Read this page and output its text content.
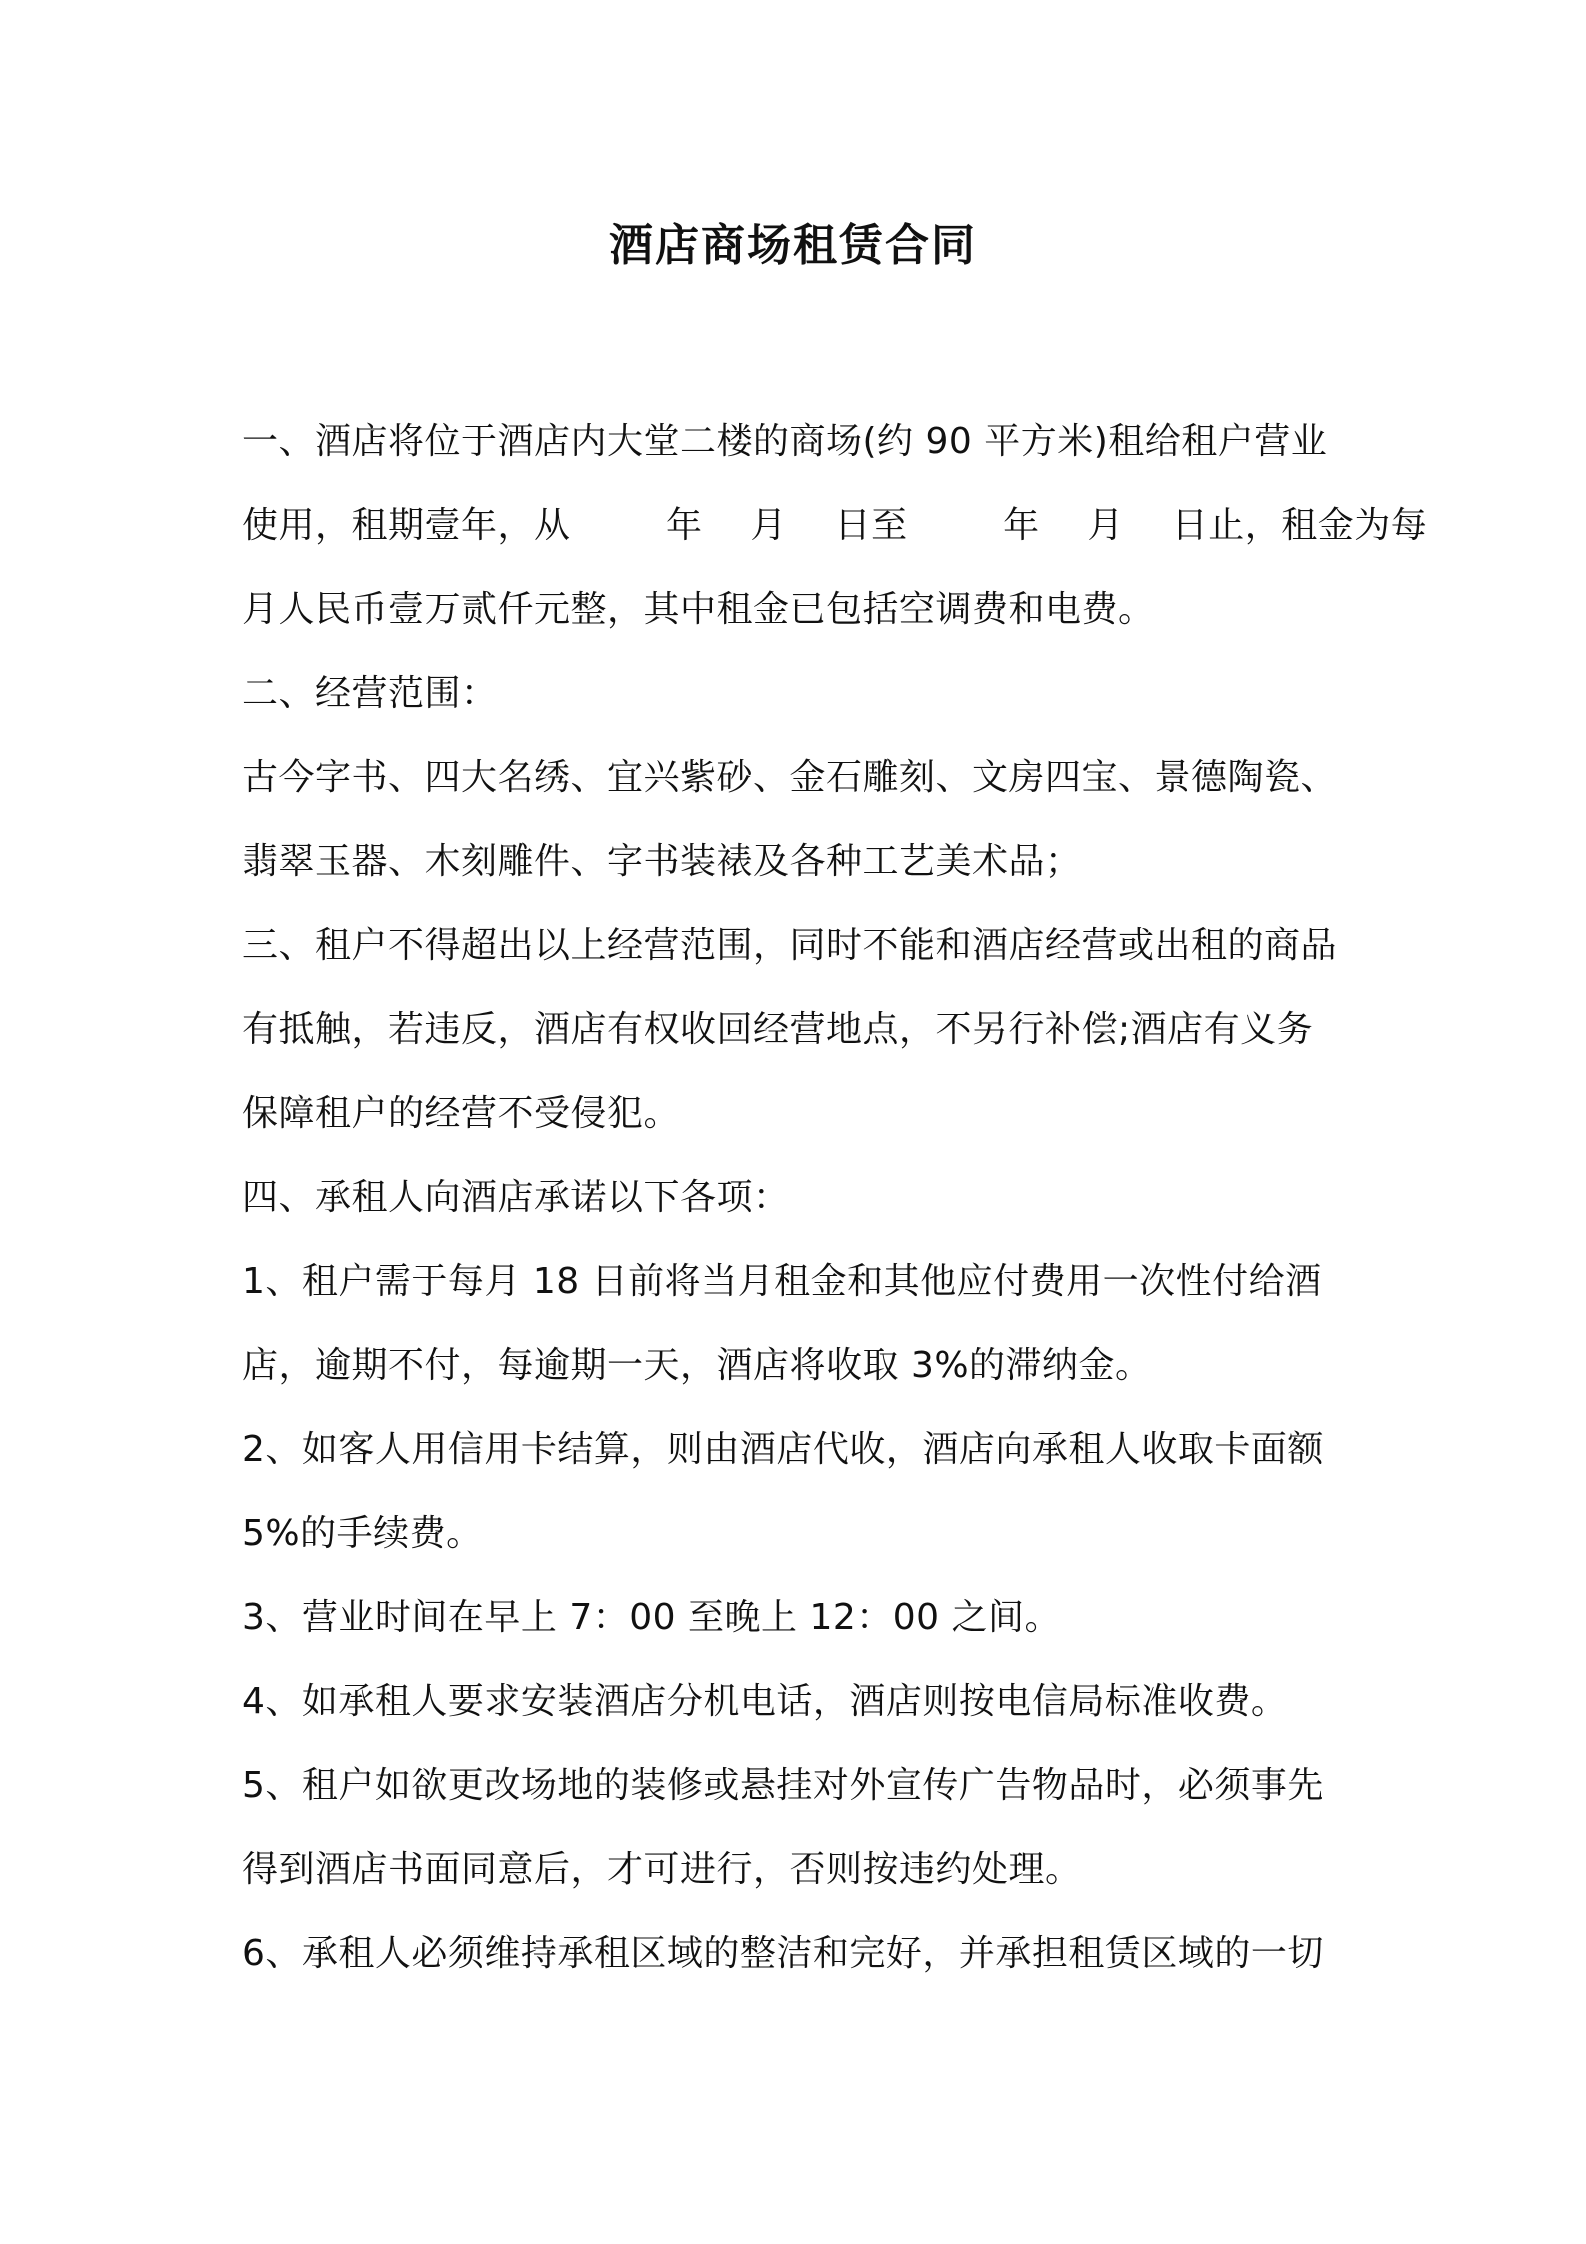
酒店商场租赁合同
一、酒店将位于酒店内大堂二楼的商场(约 90 平方米)租给租户营业
使用，租期壹年，从        年    月    日至        年    月    日止，租金为每
月人民币壹万贰仟元整，其中租金已包括空调费和电费。
二、经营范围：
古今字书、四大名绣、宜兴紫砂、金石雕刻、文房四宝、景德陶瓷、
翡翠玉器、木刻雕件、字书装裱及各种工艺美术品；
三、租户不得超出以上经营范围，同时不能和酒店经营或出租的商品
有抵触，若违反，酒店有权收回经营地点，不另行补偿;酒店有义务
保障租户的经营不受侵犯。
四、承租人向酒店承诺以下各项：
1、租户需于每月 18 日前将当月租金和其他应付费用一次性付给酒
店，逾期不付，每逾期一天，酒店将收取 3%的滞纳金。
2、如客人用信用卡结算，则由酒店代收，酒店向承租人收取卡面额
5%的手续费。
3、营业时间在早上 7：00 至晚上 12：00 之间。
4、如承租人要求安装酒店分机电话，酒店则按电信局标准收费。
5、租户如欲更改场地的装修或悬挂对外宣传广告物品时，必须事先
得到酒店书面同意后，才可进行，否则按违约处理。
6、承租人必须维持承租区域的整洁和完好，并承担租赁区域的一切
